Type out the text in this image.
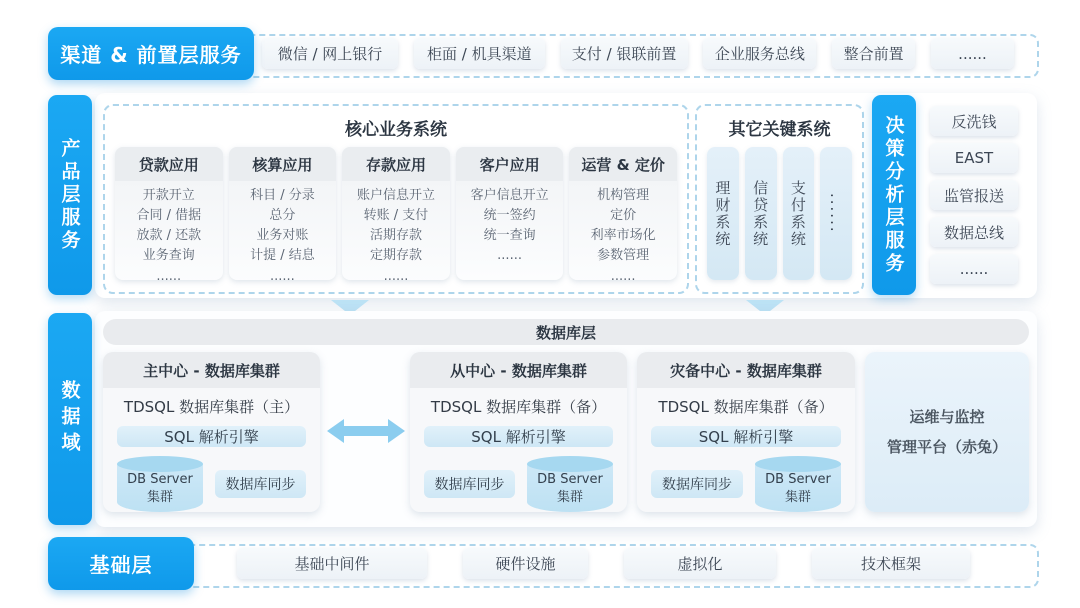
渠道 & 前置层服务	微信 / 网上银行	柜面 / 机具渠道	支付 / 银联前置	企业服务总线	整合前置	......
产品层服务
核心业务系统
贷款应用
开款开立
合同 / 借据
放款 / 还款
业务查询
......
核算应用
科目 / 分录
总分
业务对账
计提 / 结息
......
存款应用
账户信息开立
转账 / 支付
活期存款
定期存款
......
客户应用
客户信息开立
统一签约
统一查询
......
运营 & 定价
机构管理
定价
利率市场化
参数管理
......
其它关键系统
理财系统 信贷系统 支付系统 ...... 决策分析层服务	反洗钱
EAST
监管报送
数据总线
......
数据域
数据库层
主中心 - 数据库集群
TDSQL 数据库集群（主）
SQL 解析引擎
DB Server
集群
数据库同步
从中心 - 数据库集群
TDSQL 数据库集群（备）
SQL 解析引擎
数据库同步	DB Server
集群
灾备中心 - 数据库集群
TDSQL 数据库集群（备）
SQL 解析引擎
数据库同步	DB Server
集群
运维与监控
管理平台（赤兔）
基础层	基础中间件	硬件设施	虚拟化	技术框架
